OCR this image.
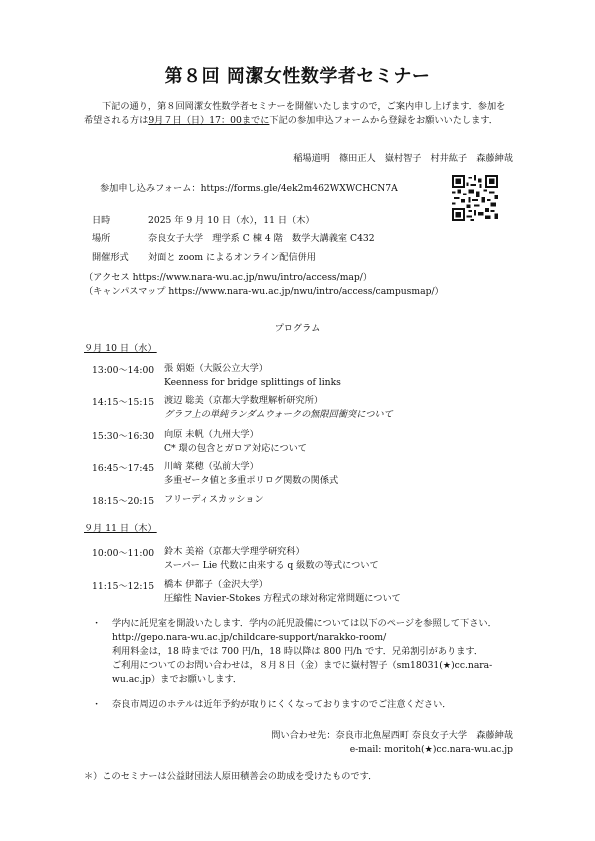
第８回 岡潔女性数学者セミナー
下記の通り，第８回岡潔女性数学者セミナーを開催いたしますので，ご案内申し上げます．参加を希望される方は9月７日（日）17：00までに下記の参加申込フォームから登録をお願いいたします．
稲場道明 篠田正人 嶽村智子 村井紘子 森藤紳哉
参加申し込みフォーム：https://forms.gle/4ek2m462WXWCHCN7A
日時	2025 年 9 月 10 日（水），11 日（木）
場所	奈良女子大学　理学系 C 棟 4 階　数学大講義室 C432
開催形式 対面と zoom によるオンライン配信併用
（アクセス https://www.nara-wu.ac.jp/nwu/intro/access/map/）
（キャンパスマップ https://www.nara-wu.ac.jp/nwu/intro/access/campusmap/）
プログラム
９月 10 日（水）
13:00〜14:00 張 娟姫（大阪公立大学）
Keenness for bridge splittings of links
14:15〜15:15 渡辺 聡美（京都大学数理解析研究所）
グラフ上の単純ランダムウォークの無限回衝突について
15:30〜16:30 向原 未帆（九州大学）
C* 環の包含とガロア対応について
16:45〜17:45 川﨑 菜穂（弘前大学）
多重ゼータ値と多重ポリログ関数の関係式
18:15〜20:15 フリーディスカッション
９月 11 日（木）
10:00〜11:00 鈴木 美裕（京都大学理学研究科）
スーパー Lie 代数に由来する q 級数の等式について
11:15〜12:15 橋本 伊都子（金沢大学）
圧縮性 Navier-Stokes 方程式の球対称定常問題について
・ 学内に託児室を開設いたします．学内の託児設備については以下のページを参照して下さい．http://gepo.nara-wu.ac.jp/childcare-support/narakko-room/
利用料金は，18 時までは 700 円/h，18 時以降は 800 円/h です．兄弟割引があります．
ご利用についてのお問い合わせは，８月８日（金）までに嶽村智子（sm18031(★)cc.nara-wu.ac.jp）までお願いします．
・ 奈良市周辺のホテルは近年予約が取りにくくなっておりますのでご注意ください．
問い合わせ先：奈良市北魚屋西町 奈良女子大学　森藤紳哉
e-mail: moritoh(★)cc.nara-wu.ac.jp
＊）このセミナーは公益財団法人原田積善会の助成を受けたものです．
